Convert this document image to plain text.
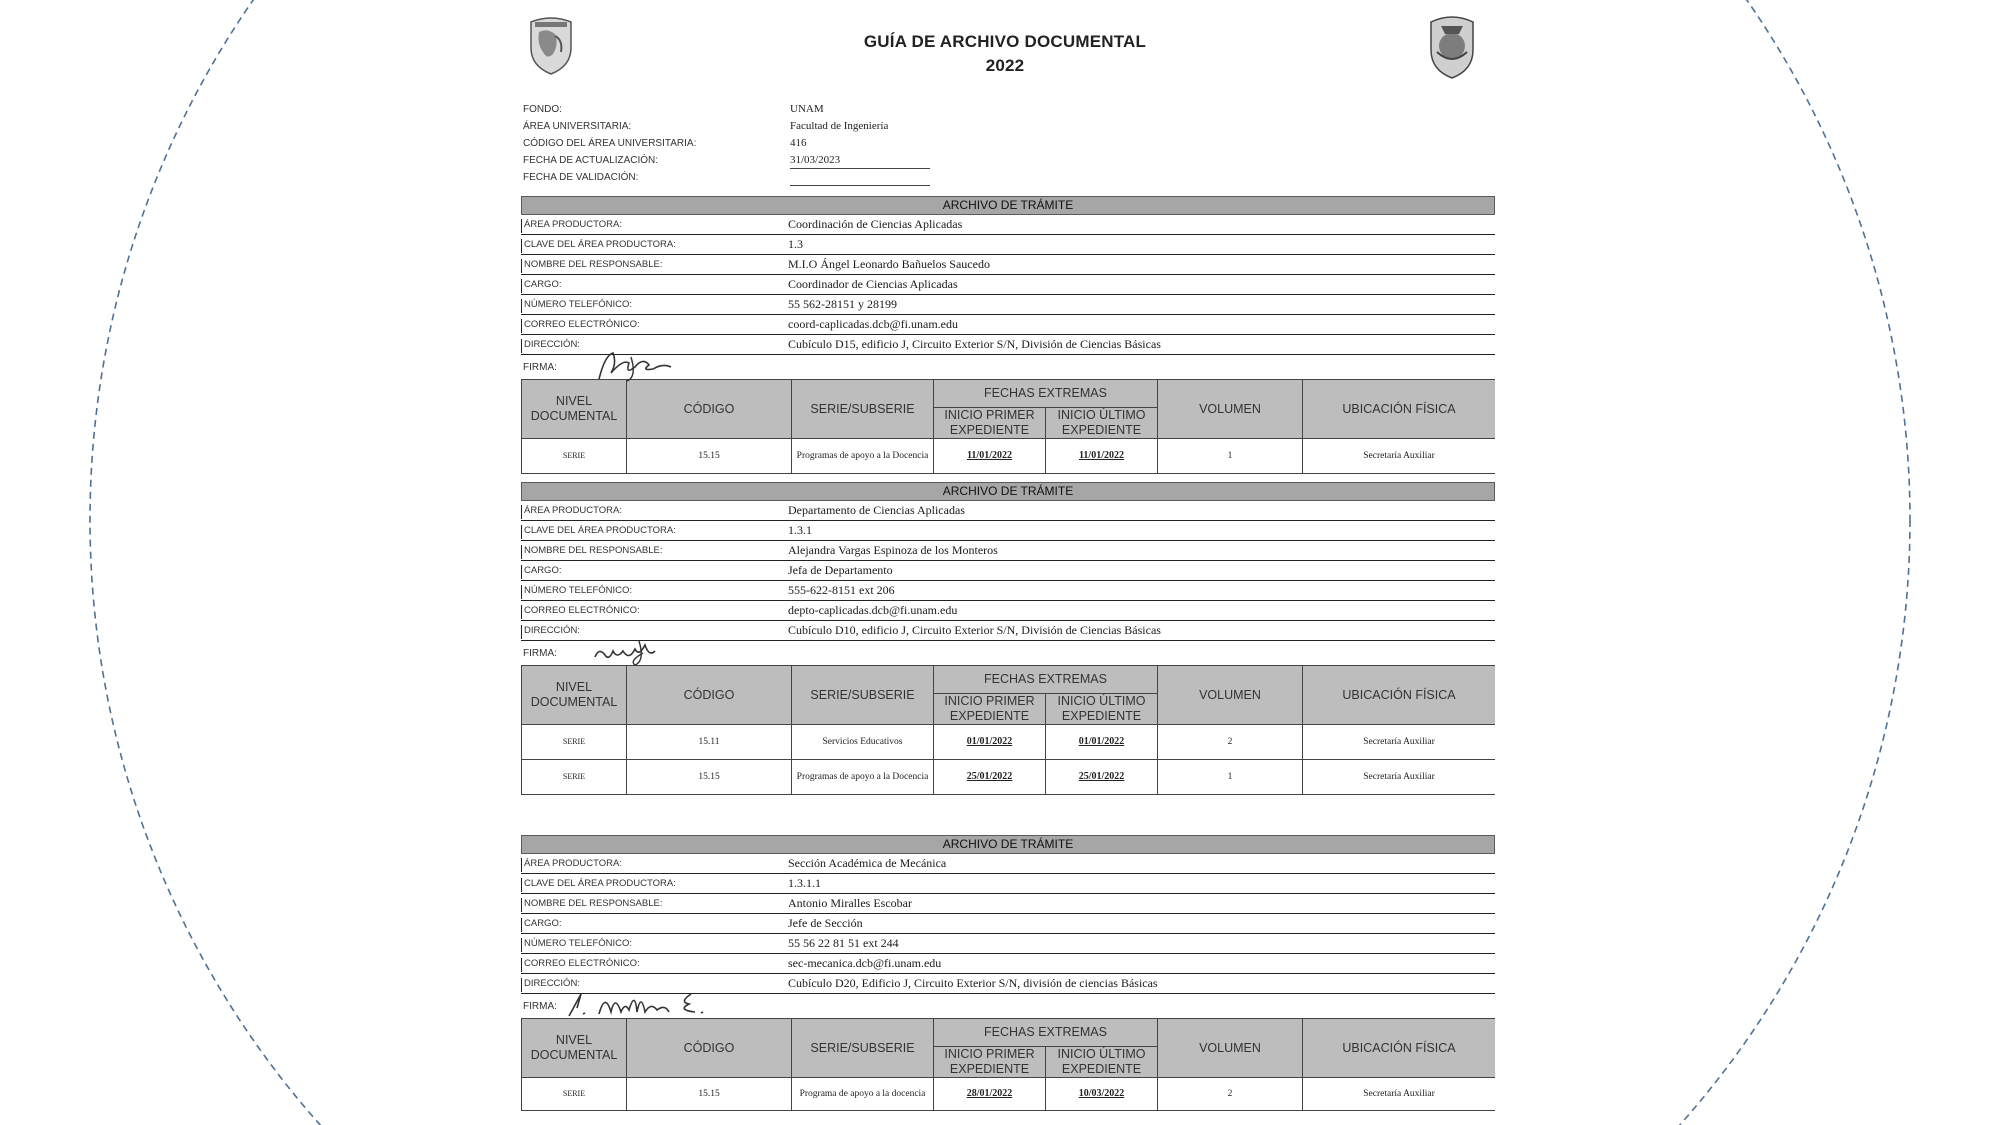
GUÍA DE ARCHIVO DOCUMENTAL
2022
FONDO:	UNAM
ÁREA UNIVERSITARIA:	Facultad de Ingeniería
CÓDIGO DEL ÁREA UNIVERSITARIA:	416
FECHA DE ACTUALIZACIÓN:	31/03/2023
FECHA DE VALIDACIÓN:
ARCHIVO DE TRÁMITE
ÁREA PRODUCTORA:	Coordinación de Ciencias Aplicadas
CLAVE DEL ÁREA PRODUCTORA:	1.3
NOMBRE DEL RESPONSABLE:	M.I.O Ángel Leonardo Bañuelos Saucedo
CARGO:	Coordinador de Ciencias Aplicadas
NÚMERO TELEFÓNICO:	55 562-28151 y 28199
CORREO ELECTRÓNICO:	coord-caplicadas.dcb@fi.unam.edu
DIRECCIÓN:	Cubículo D15, edificio J, Circuito Exterior S/N, División de Ciencias Básicas
FIRMA:
NIVEL DOCUMENTAL	CÓDIGO	SERIE/SUBSERIE	FECHAS EXTREMAS		VOLUMEN	UBICACIÓN FÍSICA
			INICIO PRIMER EXPEDIENTE	INICIO ÚLTIMO EXPEDIENTE		
SERIE	15.15	Programas de apoyo a la Docencia	11/01/2022	11/01/2022	1	Secretaría Auxiliar
ARCHIVO DE TRÁMITE
ÁREA PRODUCTORA:	Departamento de Ciencias Aplicadas
CLAVE DEL ÁREA PRODUCTORA:	1.3.1
NOMBRE DEL RESPONSABLE:	Alejandra Vargas Espinoza de los Monteros
CARGO:	Jefa de Departamento
NÚMERO TELEFÓNICO:	555-622-8151 ext 206
CORREO ELECTRÓNICO:	depto-caplicadas.dcb@fi.unam.edu
DIRECCIÓN:	Cubículo D10, edificio J, Circuito Exterior S/N, División de Ciencias Básicas
FIRMA:
NIVEL DOCUMENTAL	CÓDIGO	SERIE/SUBSERIE	FECHAS EXTREMAS		VOLUMEN	UBICACIÓN FÍSICA
			INICIO PRIMER EXPEDIENTE	INICIO ÚLTIMO EXPEDIENTE		
SERIE	15.11	Servicios Educativos	01/01/2022	01/01/2022	2	Secretaría Auxiliar
SERIE	15.15	Programas de apoyo a la Docencia	25/01/2022	25/01/2022	1	Secretaría Auxiliar
ARCHIVO DE TRÁMITE
ÁREA PRODUCTORA:	Sección Académica de Mecánica
CLAVE DEL ÁREA PRODUCTORA:	1.3.1.1
NOMBRE DEL RESPONSABLE:	Antonio Miralles Escobar
CARGO:	Jefe de Sección
NÚMERO TELEFÓNICO:	55 56 22 81 51 ext 244
CORREO ELECTRÓNICO:	sec-mecanica.dcb@fi.unam.edu
DIRECCIÓN:	Cubículo D20, Edificio J, Circuito Exterior S/N, división de ciencias Básicas
FIRMA:
NIVEL DOCUMENTAL	CÓDIGO	SERIE/SUBSERIE	FECHAS EXTREMAS		VOLUMEN	UBICACIÓN FÍSICA
			INICIO PRIMER EXPEDIENTE	INICIO ÚLTIMO EXPEDIENTE		
SERIE	15.15	Programa de apoyo a la docencia	28/01/2022	10/03/2022	2	Secretaría Auxiliar
